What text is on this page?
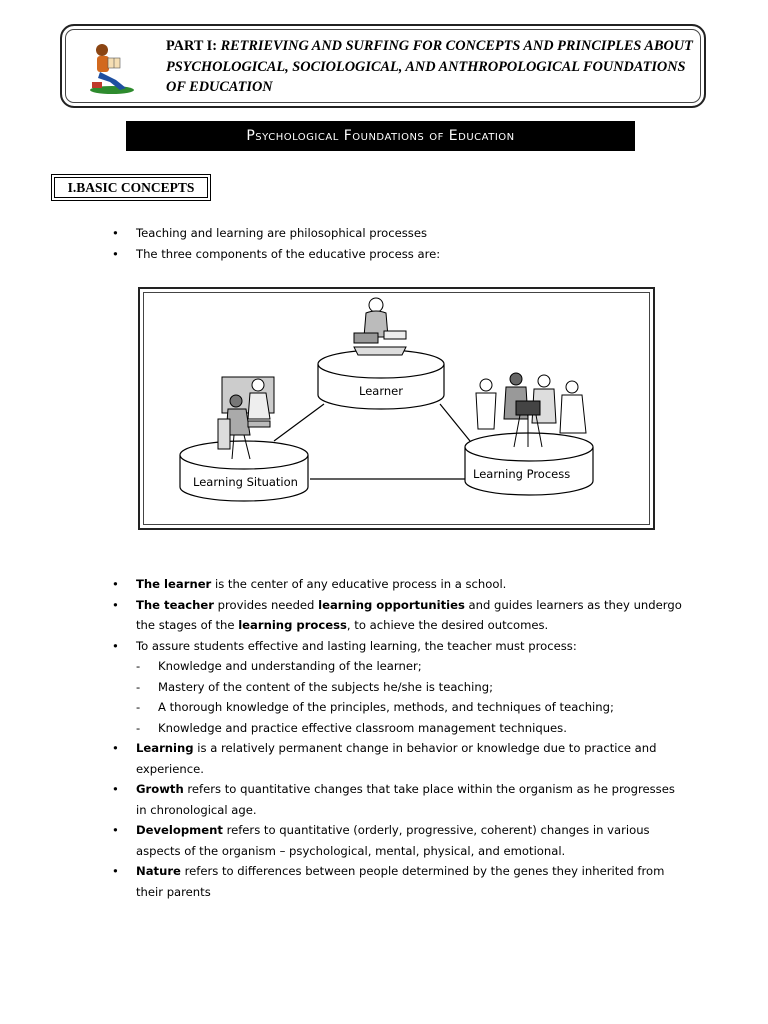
PART I: RETRIEVING AND SURFING FOR CONCEPTS AND PRINCIPLES ABOUT PSYCHOLOGICAL, SOCIOLOGICAL, AND ANTHROPOLOGICAL FOUNDATIONS OF EDUCATION
Psychological Foundations of Education
I.BASIC CONCEPTS
• Teaching and learning are philosophical processes
• The three components of the educative process are:
Learner
Learning Situation
Learning Process
• The learner is the center of any educative process in a school.
• The teacher provides needed learning opportunities and guides learners as they undergo the stages of the learning process, to achieve the desired outcomes.
• To assure students effective and lasting learning, the teacher must process:
- Knowledge and understanding of the learner;
- Mastery of the content of the subjects he/she is teaching;
- A thorough knowledge of the principles, methods, and techniques of teaching;
- Knowledge and practice effective classroom management techniques.
• Learning is a relatively permanent change in behavior or knowledge due to practice and experience.
• Growth refers to quantitative changes that take place within the organism as he progresses in chronological age.
• Development refers to quantitative (orderly, progressive, coherent) changes in various aspects of the organism – psychological, mental, physical, and emotional.
• Nature refers to differences between people determined by the genes they inherited from their parents
